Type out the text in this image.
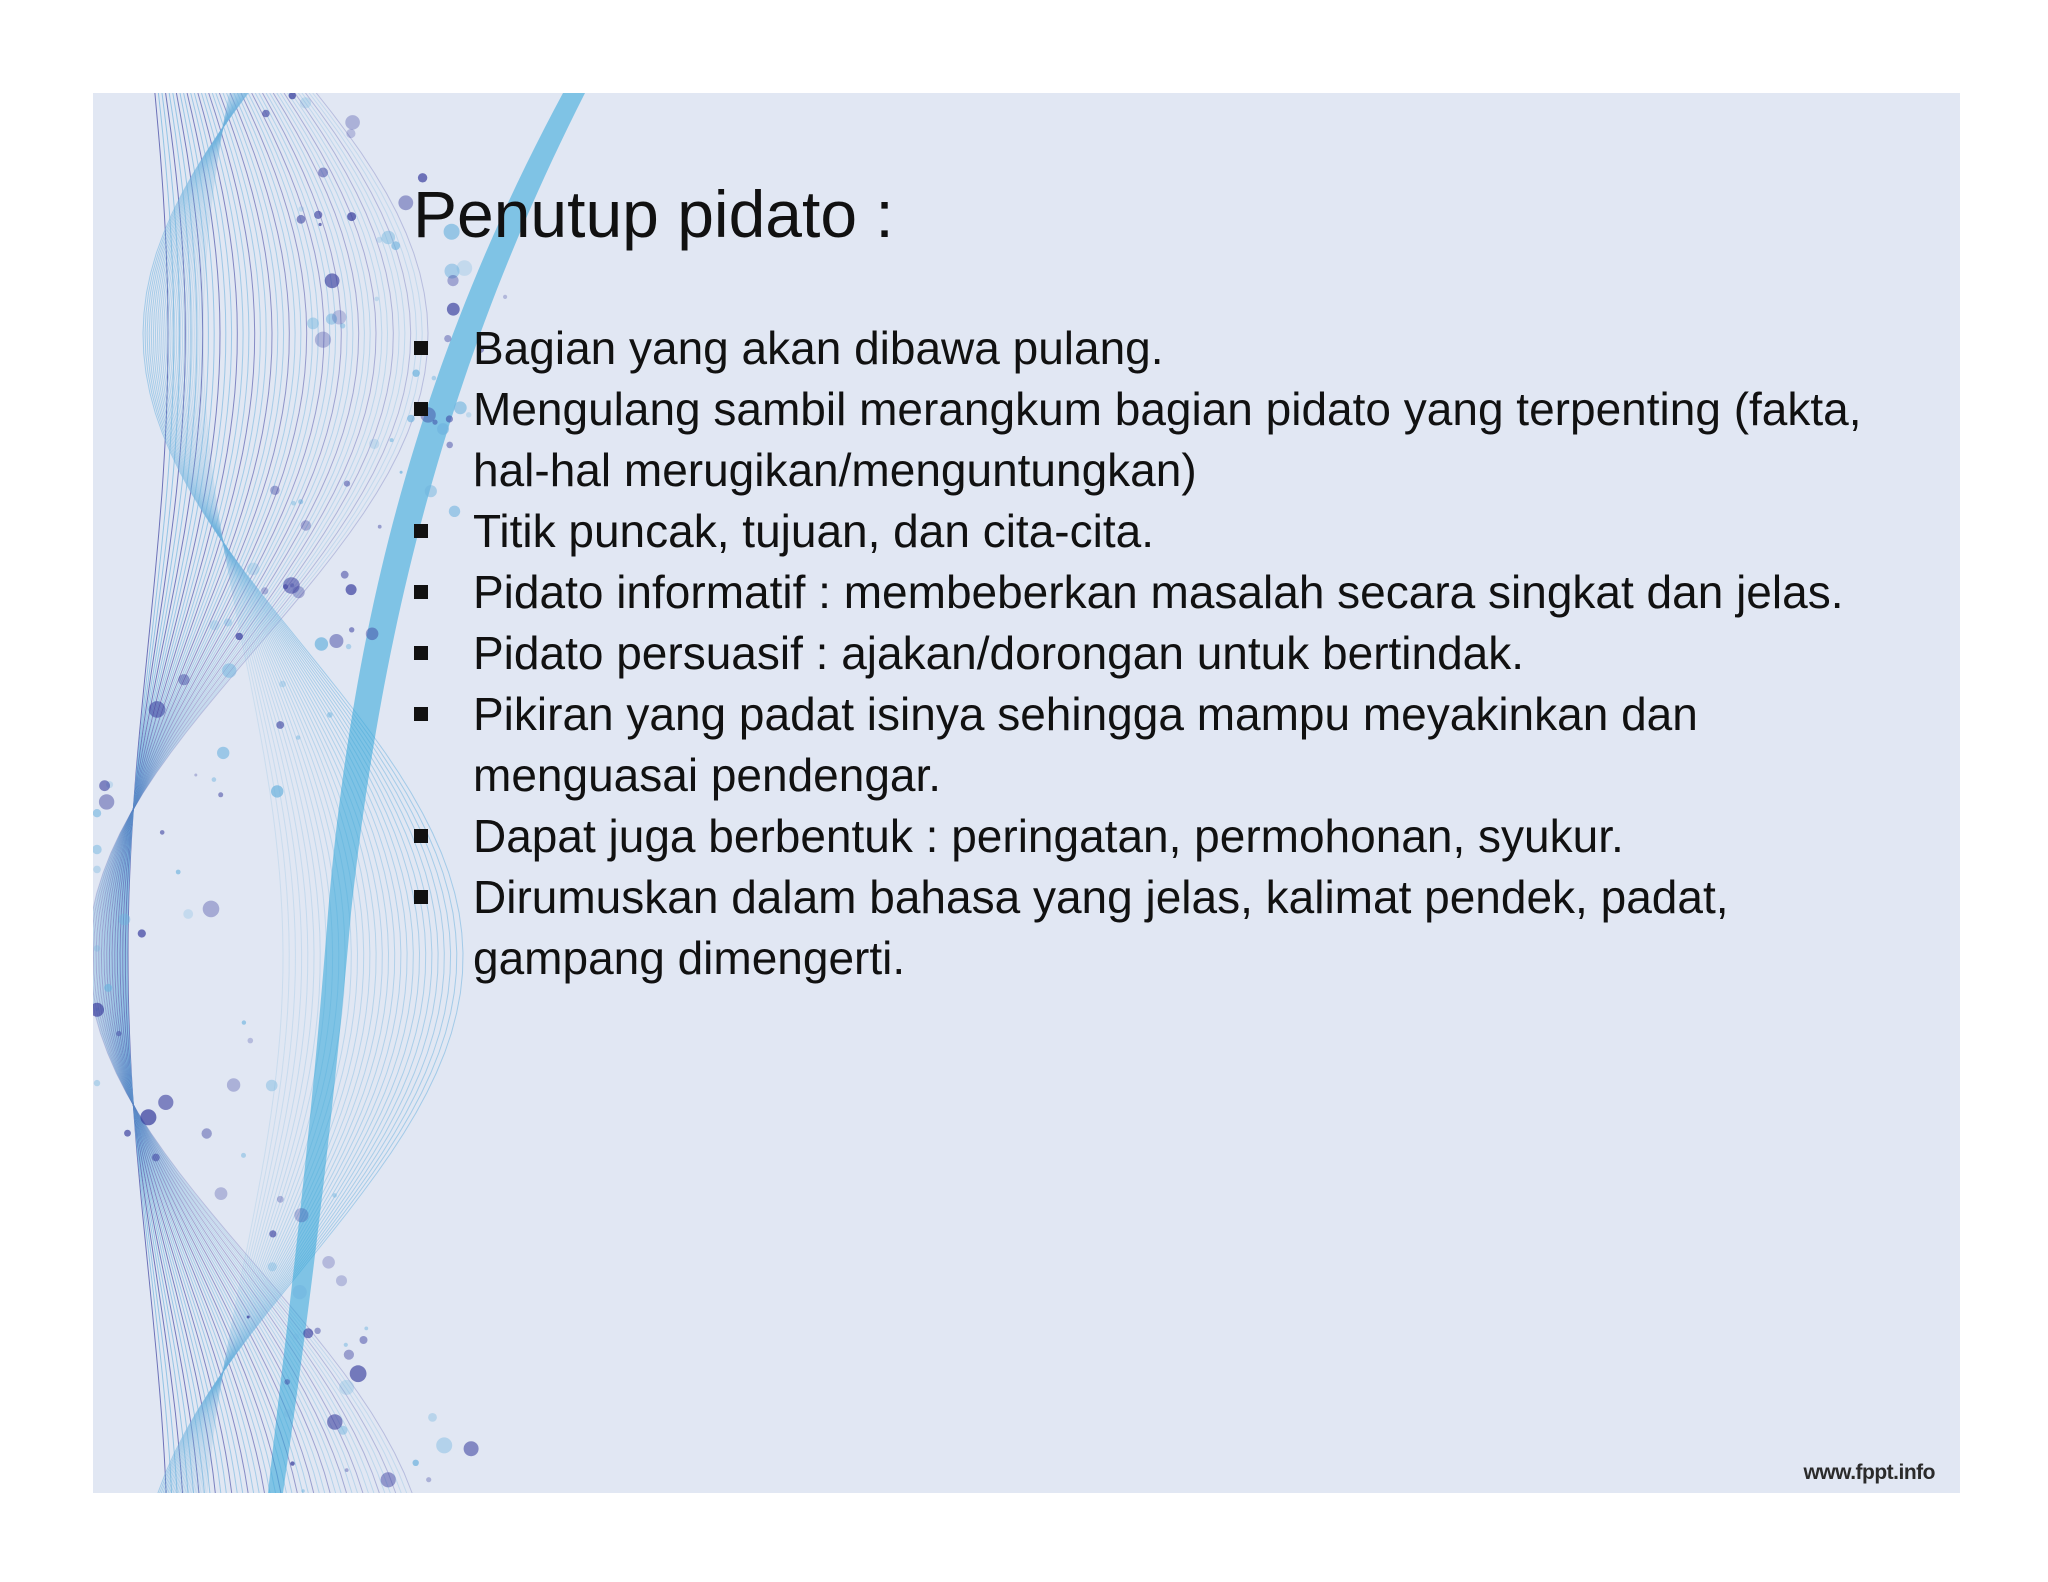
Penutup pidato :
Bagian yang akan dibawa pulang.
Mengulang sambil merangkum bagian pidato yang terpenting (fakta, hal-hal merugikan/menguntungkan)
Titik puncak, tujuan, dan cita-cita.
Pidato informatif : membeberkan masalah secara singkat dan jelas.
Pidato persuasif : ajakan/dorongan untuk bertindak.
Pikiran yang padat isinya sehingga mampu meyakinkan dan menguasai pendengar.
Dapat juga berbentuk : peringatan, permohonan, syukur.
Dirumuskan dalam bahasa yang jelas, kalimat pendek, padat, gampang dimengerti.
www.fppt.info
